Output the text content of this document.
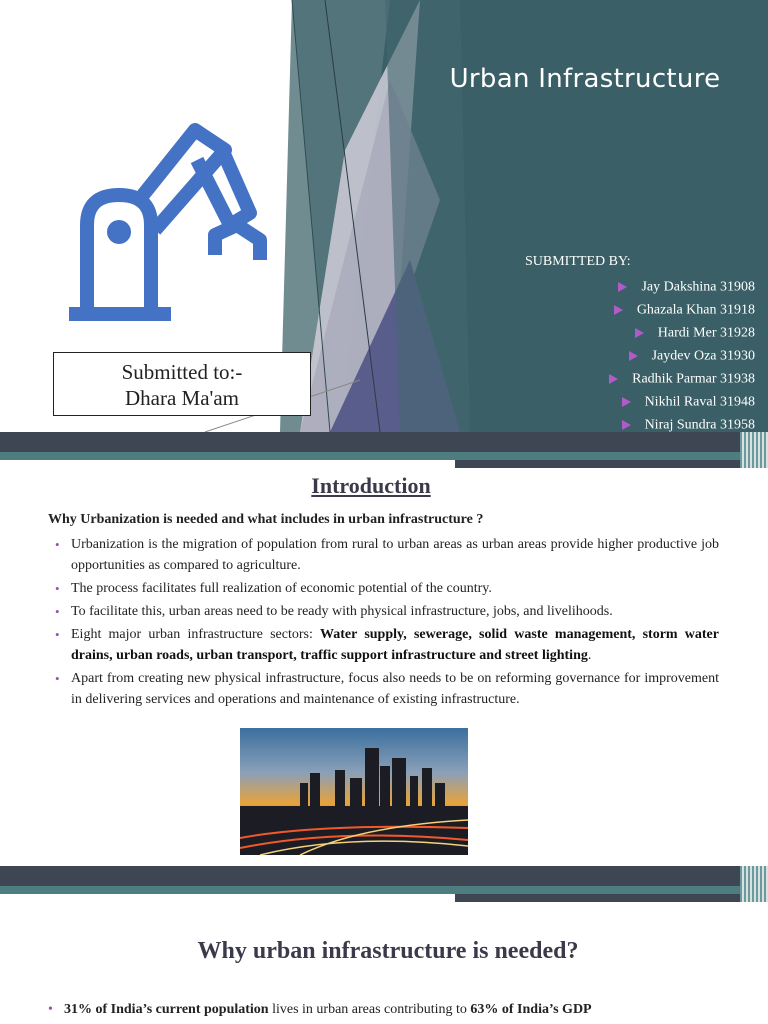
Urban Infrastructure
SUBMITTED BY:
Jay Dakshina 31908
Ghazala Khan 31918
Hardi Mer 31928
Jaydev Oza 31930
Radhik Parmar 31938
Nikhil Raval 31948
Niraj Sundra 31958
Submitted to:-
Dhara Ma'am
Introduction
Why Urbanization is needed and what includes in urban infrastructure ?
• Urbanization is the migration of population from rural to urban areas as urban areas provide higher productive job opportunities as compared to agriculture.
• The process facilitates full realization of economic potential of the country.
• To facilitate this, urban areas need to be ready with physical infrastructure, jobs, and livelihoods.
• Eight major urban infrastructure sectors: Water supply, sewerage, solid waste management, storm water drains, urban roads, urban transport, traffic support infrastructure and street lighting.
• Apart from creating new physical infrastructure, focus also needs to be on reforming governance for improvement in delivering services and operations and maintenance of existing infrastructure.
Why urban infrastructure is needed?
• 31% of India’s current population lives in urban areas contributing to 63% of India’s GDP
